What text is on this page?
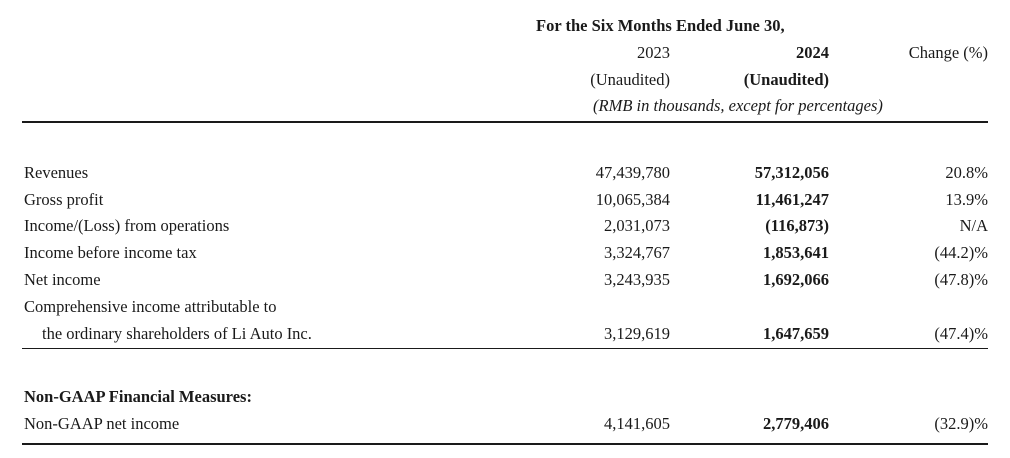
For the Six Months Ended June 30,
2023	2024	Change (%)
(Unaudited)	(Unaudited)
(RMB in thousands, except for percentages)
Revenues	47,439,780	57,312,056	20.8%
Gross profit	10,065,384	11,461,247	13.9%
Income/(Loss) from operations	2,031,073	(116,873)	N/A
Income before income tax	3,324,767	1,853,641	(44.2)%
Net income	3,243,935	1,692,066	(47.8)%
Comprehensive income attributable to
the ordinary shareholders of Li Auto Inc.	3,129,619	1,647,659	(47.4)%
Non-GAAP Financial Measures:
Non-GAAP net income	4,141,605	2,779,406	(32.9)%
